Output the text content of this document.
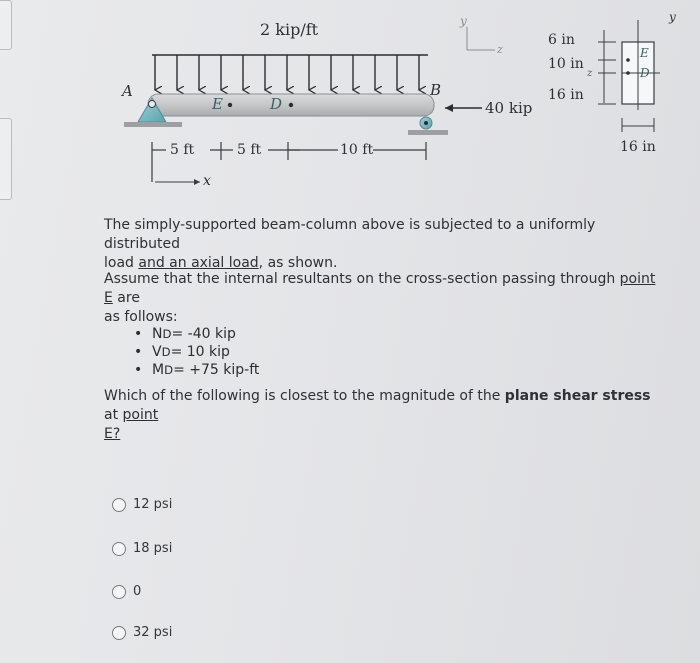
2 kip/ft
A	B
E	D	40 kip
5 ft	5 ft	10 ft
x
y
z
6 in
10 in
16 in
16 in
E
D
y
z
The simply-supported beam-column above is subjected to a uniformly distributed
load and an axial load, as shown.
Assume that the internal resultants on the cross-section passing through point E are
as follows:
• N D = -40 kip
• V D = 10 kip
• M D = +75 kip-ft
Which of the following is closest to the magnitude of the plane shear stress at point
E?
12 psi
18 psi
0
32 psi
